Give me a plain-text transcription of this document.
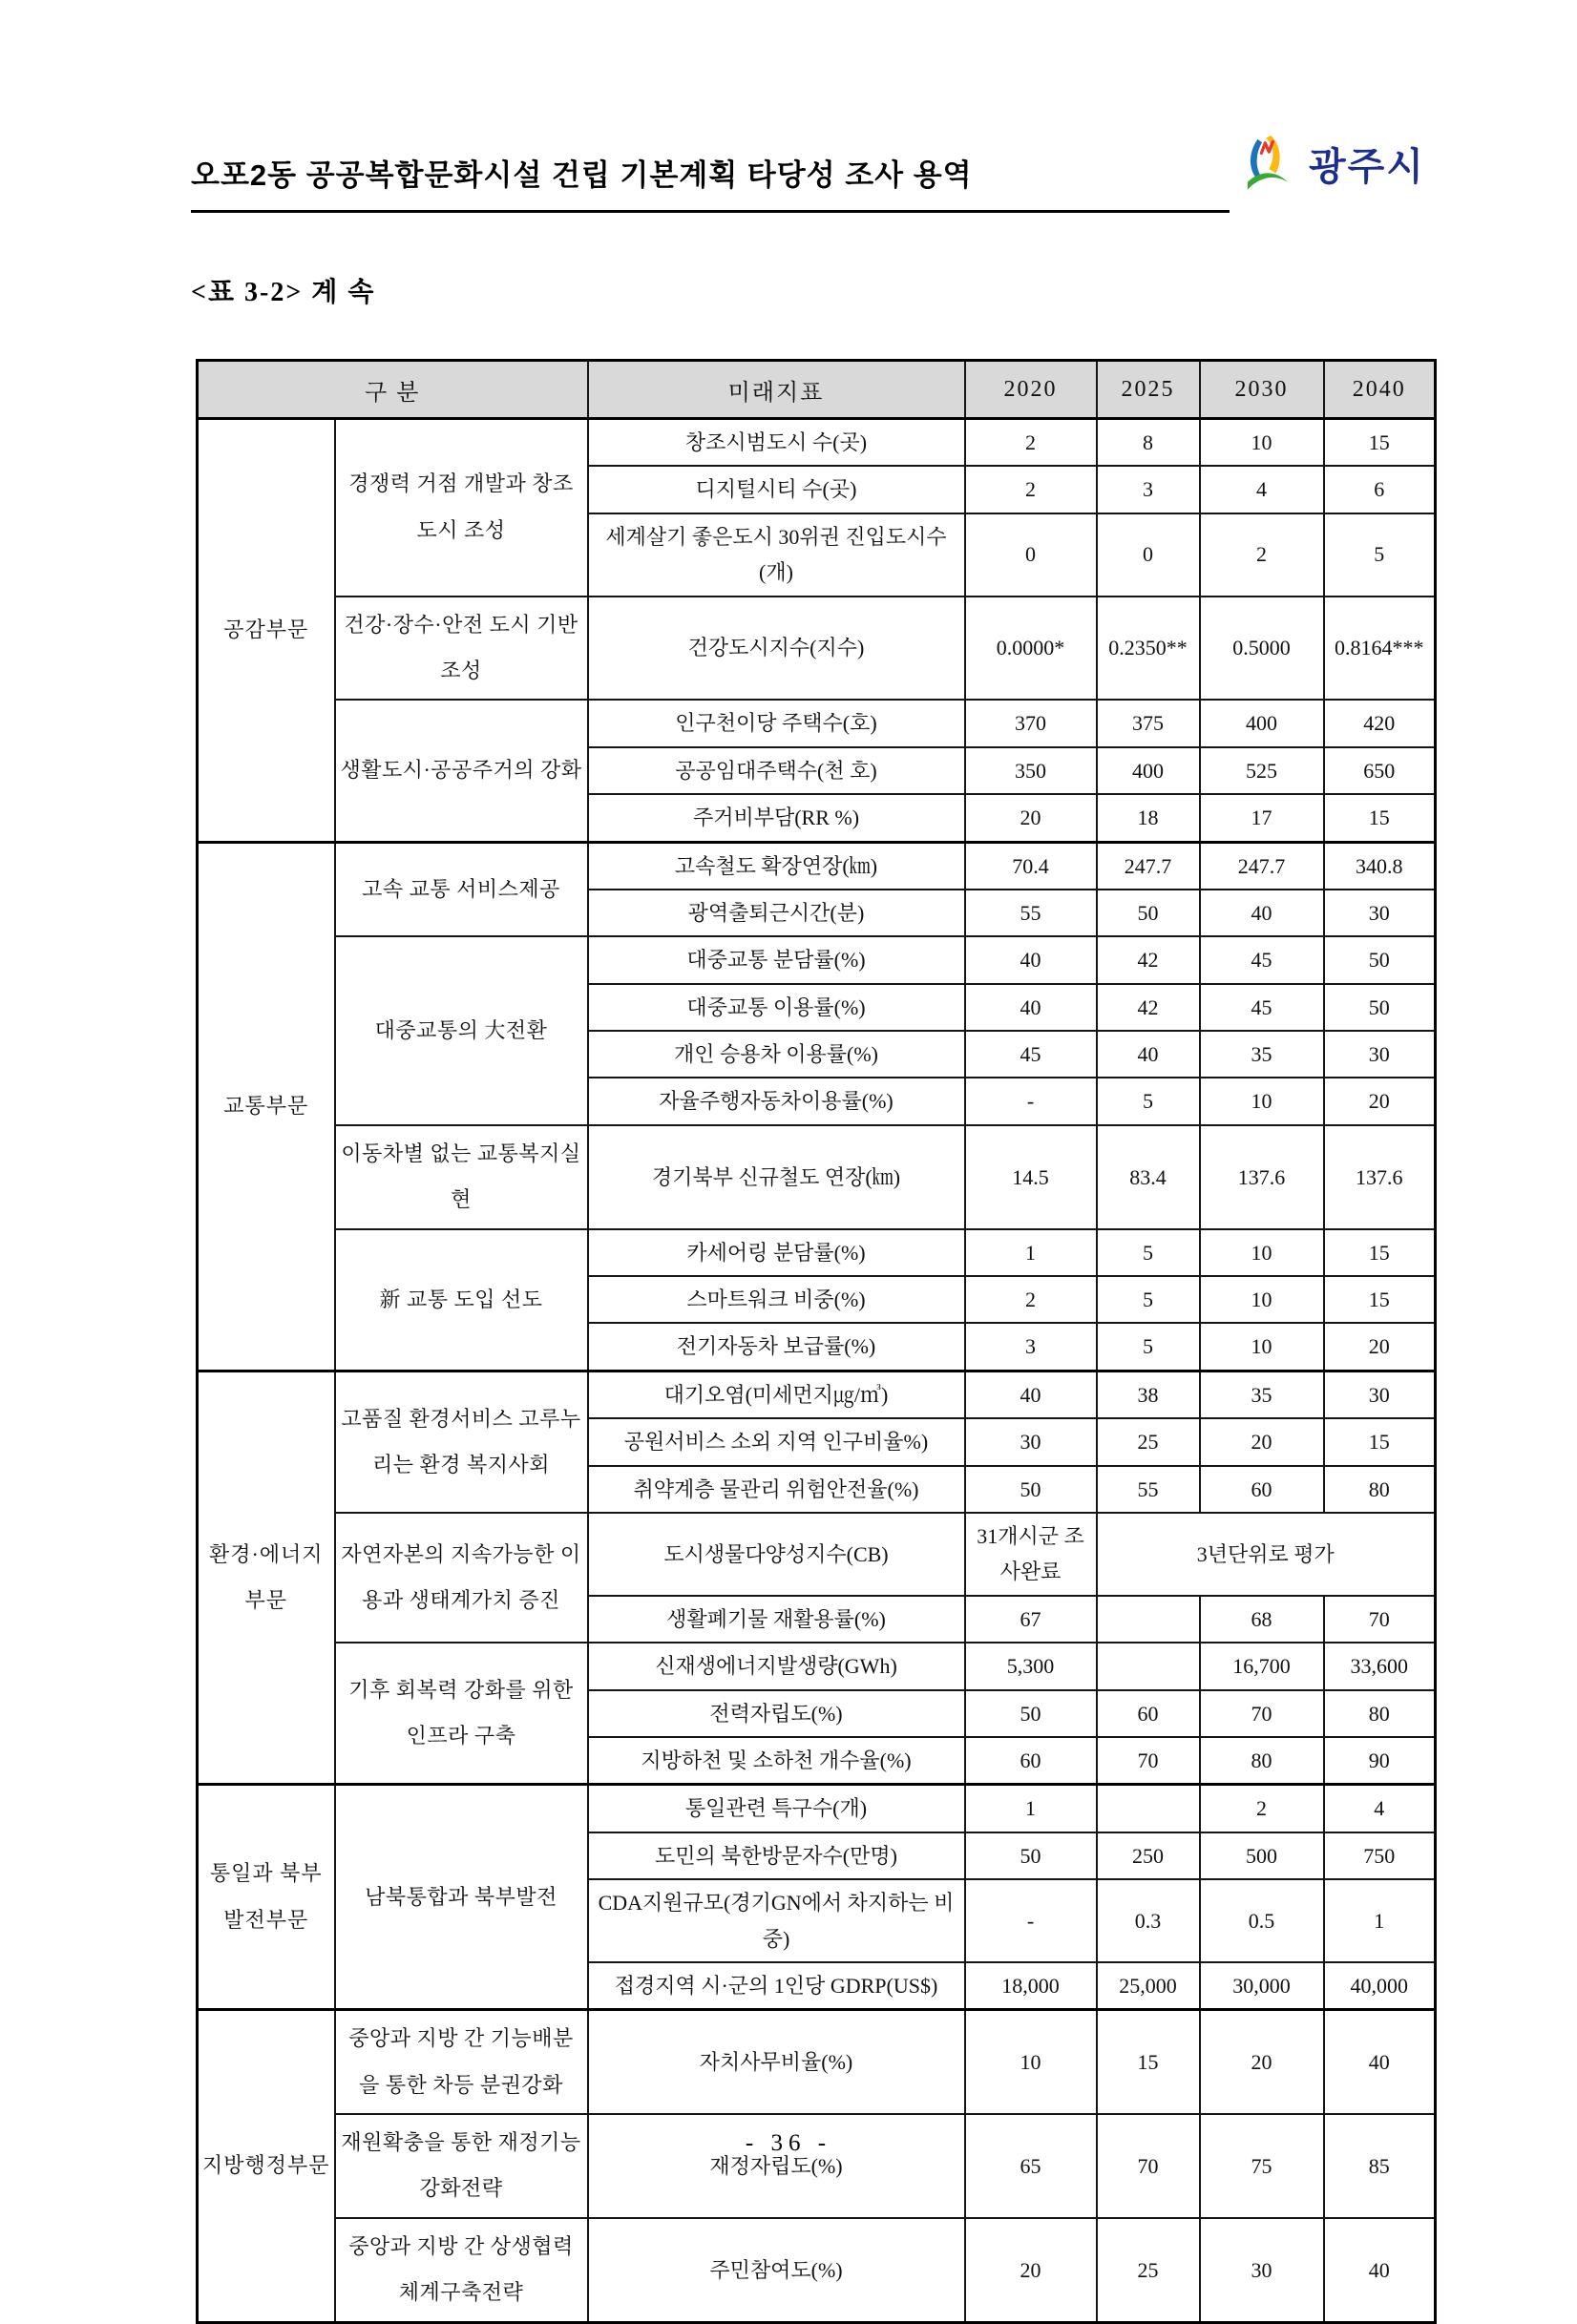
오포2동 공공복합문화시설 건립 기본계획 타당성 조사 용역	광주시
<표 3-2> 계 속
구 분		미래지표	2020	2025	2030	2040
공감부문	경쟁력 거점 개발과 창조도시 조성	창조시범도시 수(곳)	2	8	10	15
		디지털시티 수(곳)	2	3	4	6
		세계살기 좋은도시 30위권 진입도시수(개)	0	0	2	5
	건강·장수·안전 도시 기반조성	건강도시지수(지수)	0.0000*	0.2350**	0.5000	0.8164***
	생활도시·공공주거의 강화	인구천이당 주택수(호)	370	375	400	420
		공공임대주택수(천 호)	350	400	525	650
		주거비부담(RR %)	20	18	17	15
교통부문	고속 교통 서비스제공	고속철도 확장연장(㎞)	70.4	247.7	247.7	340.8
		광역출퇴근시간(분)	55	50	40	30
	대중교통의 大전환	대중교통 분담률(%)	40	42	45	50
		대중교통 이용률(%)	40	42	45	50
		개인 승용차 이용률(%)	45	40	35	30
		자율주행자동차이용률(%)	-	5	10	20
	이동차별 없는 교통복지실현	경기북부 신규철도 연장(㎞)	14.5	83.4	137.6	137.6
	新 교통 도입 선도	카세어링 분담률(%)	1	5	10	15
		스마트워크 비중(%)	2	5	10	15
		전기자동차 보급률(%)	3	5	10	20
환경·에너지부문	고품질 환경서비스 고루누리는 환경 복지사회	대기오염(미세먼지㎍/㎥)	40	38	35	30
		공원서비스 소외 지역 인구비율%)	30	25	20	15
		취약계층 물관리 위험안전율(%)	50	55	60	80
	자연자본의 지속가능한 이용과 생태계가치 증진	도시생물다양성지수(CB)	31개시군 조사완료	3년단위로 평가		
		생활폐기물 재활용률(%)	67		68	70
	기후 회복력 강화를 위한 인프라 구축	신재생에너지발생량(GWh)	5,300		16,700	33,600
		전력자립도(%)	50	60	70	80
		지방하천 및 소하천 개수율(%)	60	70	80	90
통일과 북부발전부문	남북통합과 북부발전	통일관련 특구수(개)	1		2	4
		도민의 북한방문자수(만명)	50	250	500	750
		CDA지원규모(경기GN에서 차지하는 비중)	-	0.3	0.5	1
		접경지역 시·군의 1인당 GDRP(US$)	18,000	25,000	30,000	40,000
지방행정부문	중앙과 지방 간 기능배분을 통한 차등 분권강화	자치사무비율(%)	10	15	20	40
	재원확충을 통한 재정기능 강화전략	재정자립도(%)	65	70	75	85
	중앙과 지방 간 상생협력체계구축전략	주민참여도(%)	20	25	30	40
- 36 -
